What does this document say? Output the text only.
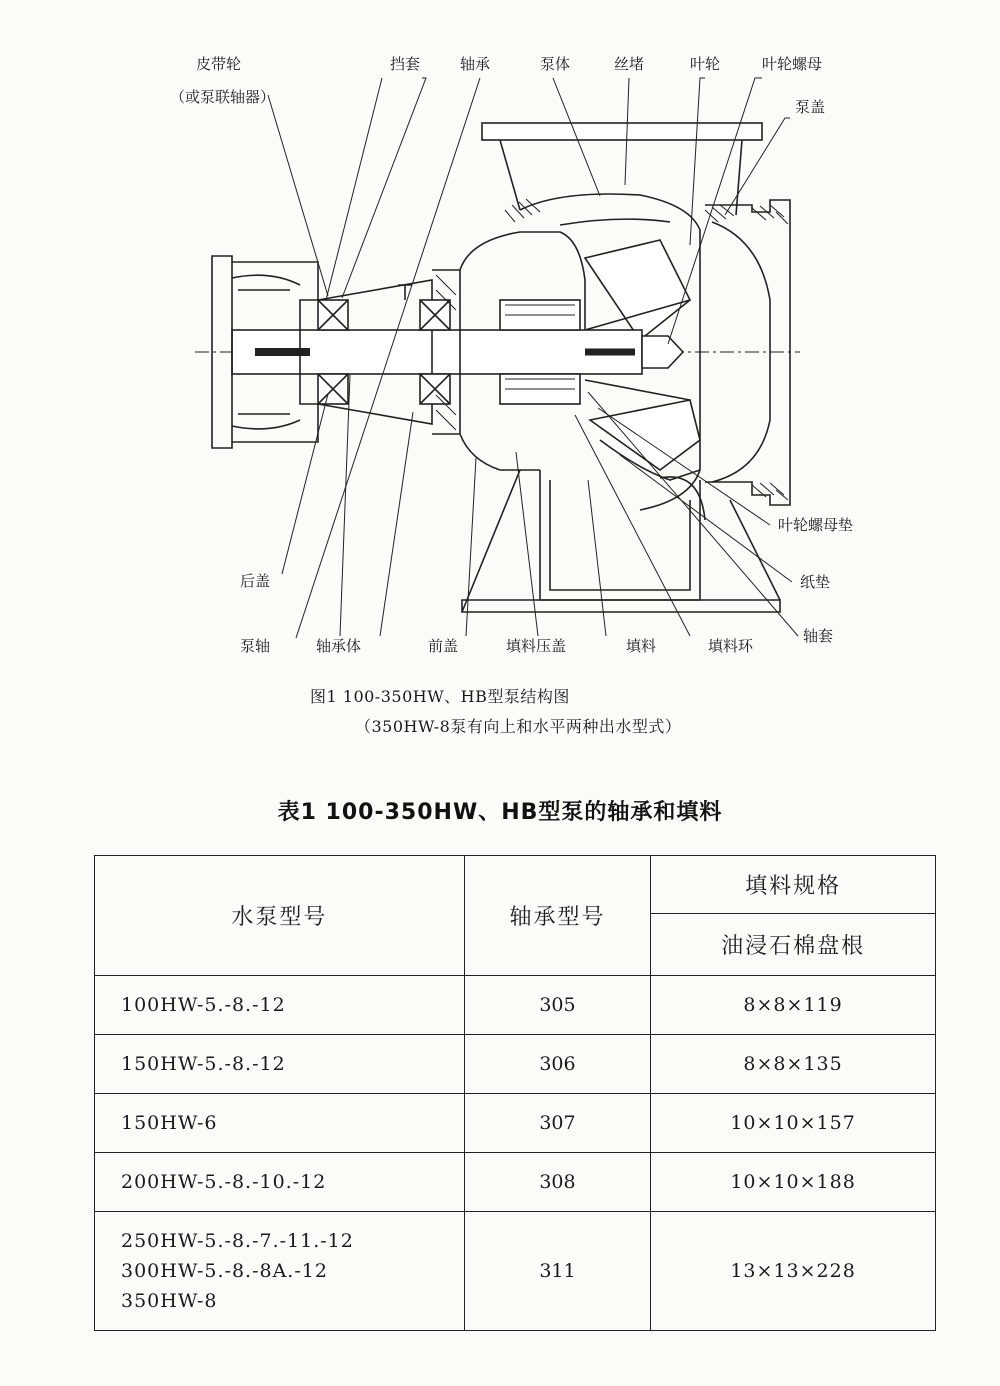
皮带轮
（或泵联轴器）
挡套	轴承	泵体	丝堵	叶轮	叶轮螺母
泵盖
叶轮螺母垫
纸垫
后盖
轴套
泵轴	轴承体	前盖	填料压盖	填料	填料环
图1 100-350HW、HB型泵结构图
（350HW-8泵有向上和水平两种出水型式）
表1 100-350HW、HB型泵的轴承和填料
水泵型号	轴承型号	填料规格
		油浸石棉盘根
100HW-5.-8.-12	305	8×8×119
150HW-5.-8.-12	306	8×8×135
150HW-6	307	10×10×157
200HW-5.-8.-10.-12	308	10×10×188

250HW-5.-8.-7.-11.-12
300HW-5.-8.-8A.-12
350HW-8	311	13×13×228
